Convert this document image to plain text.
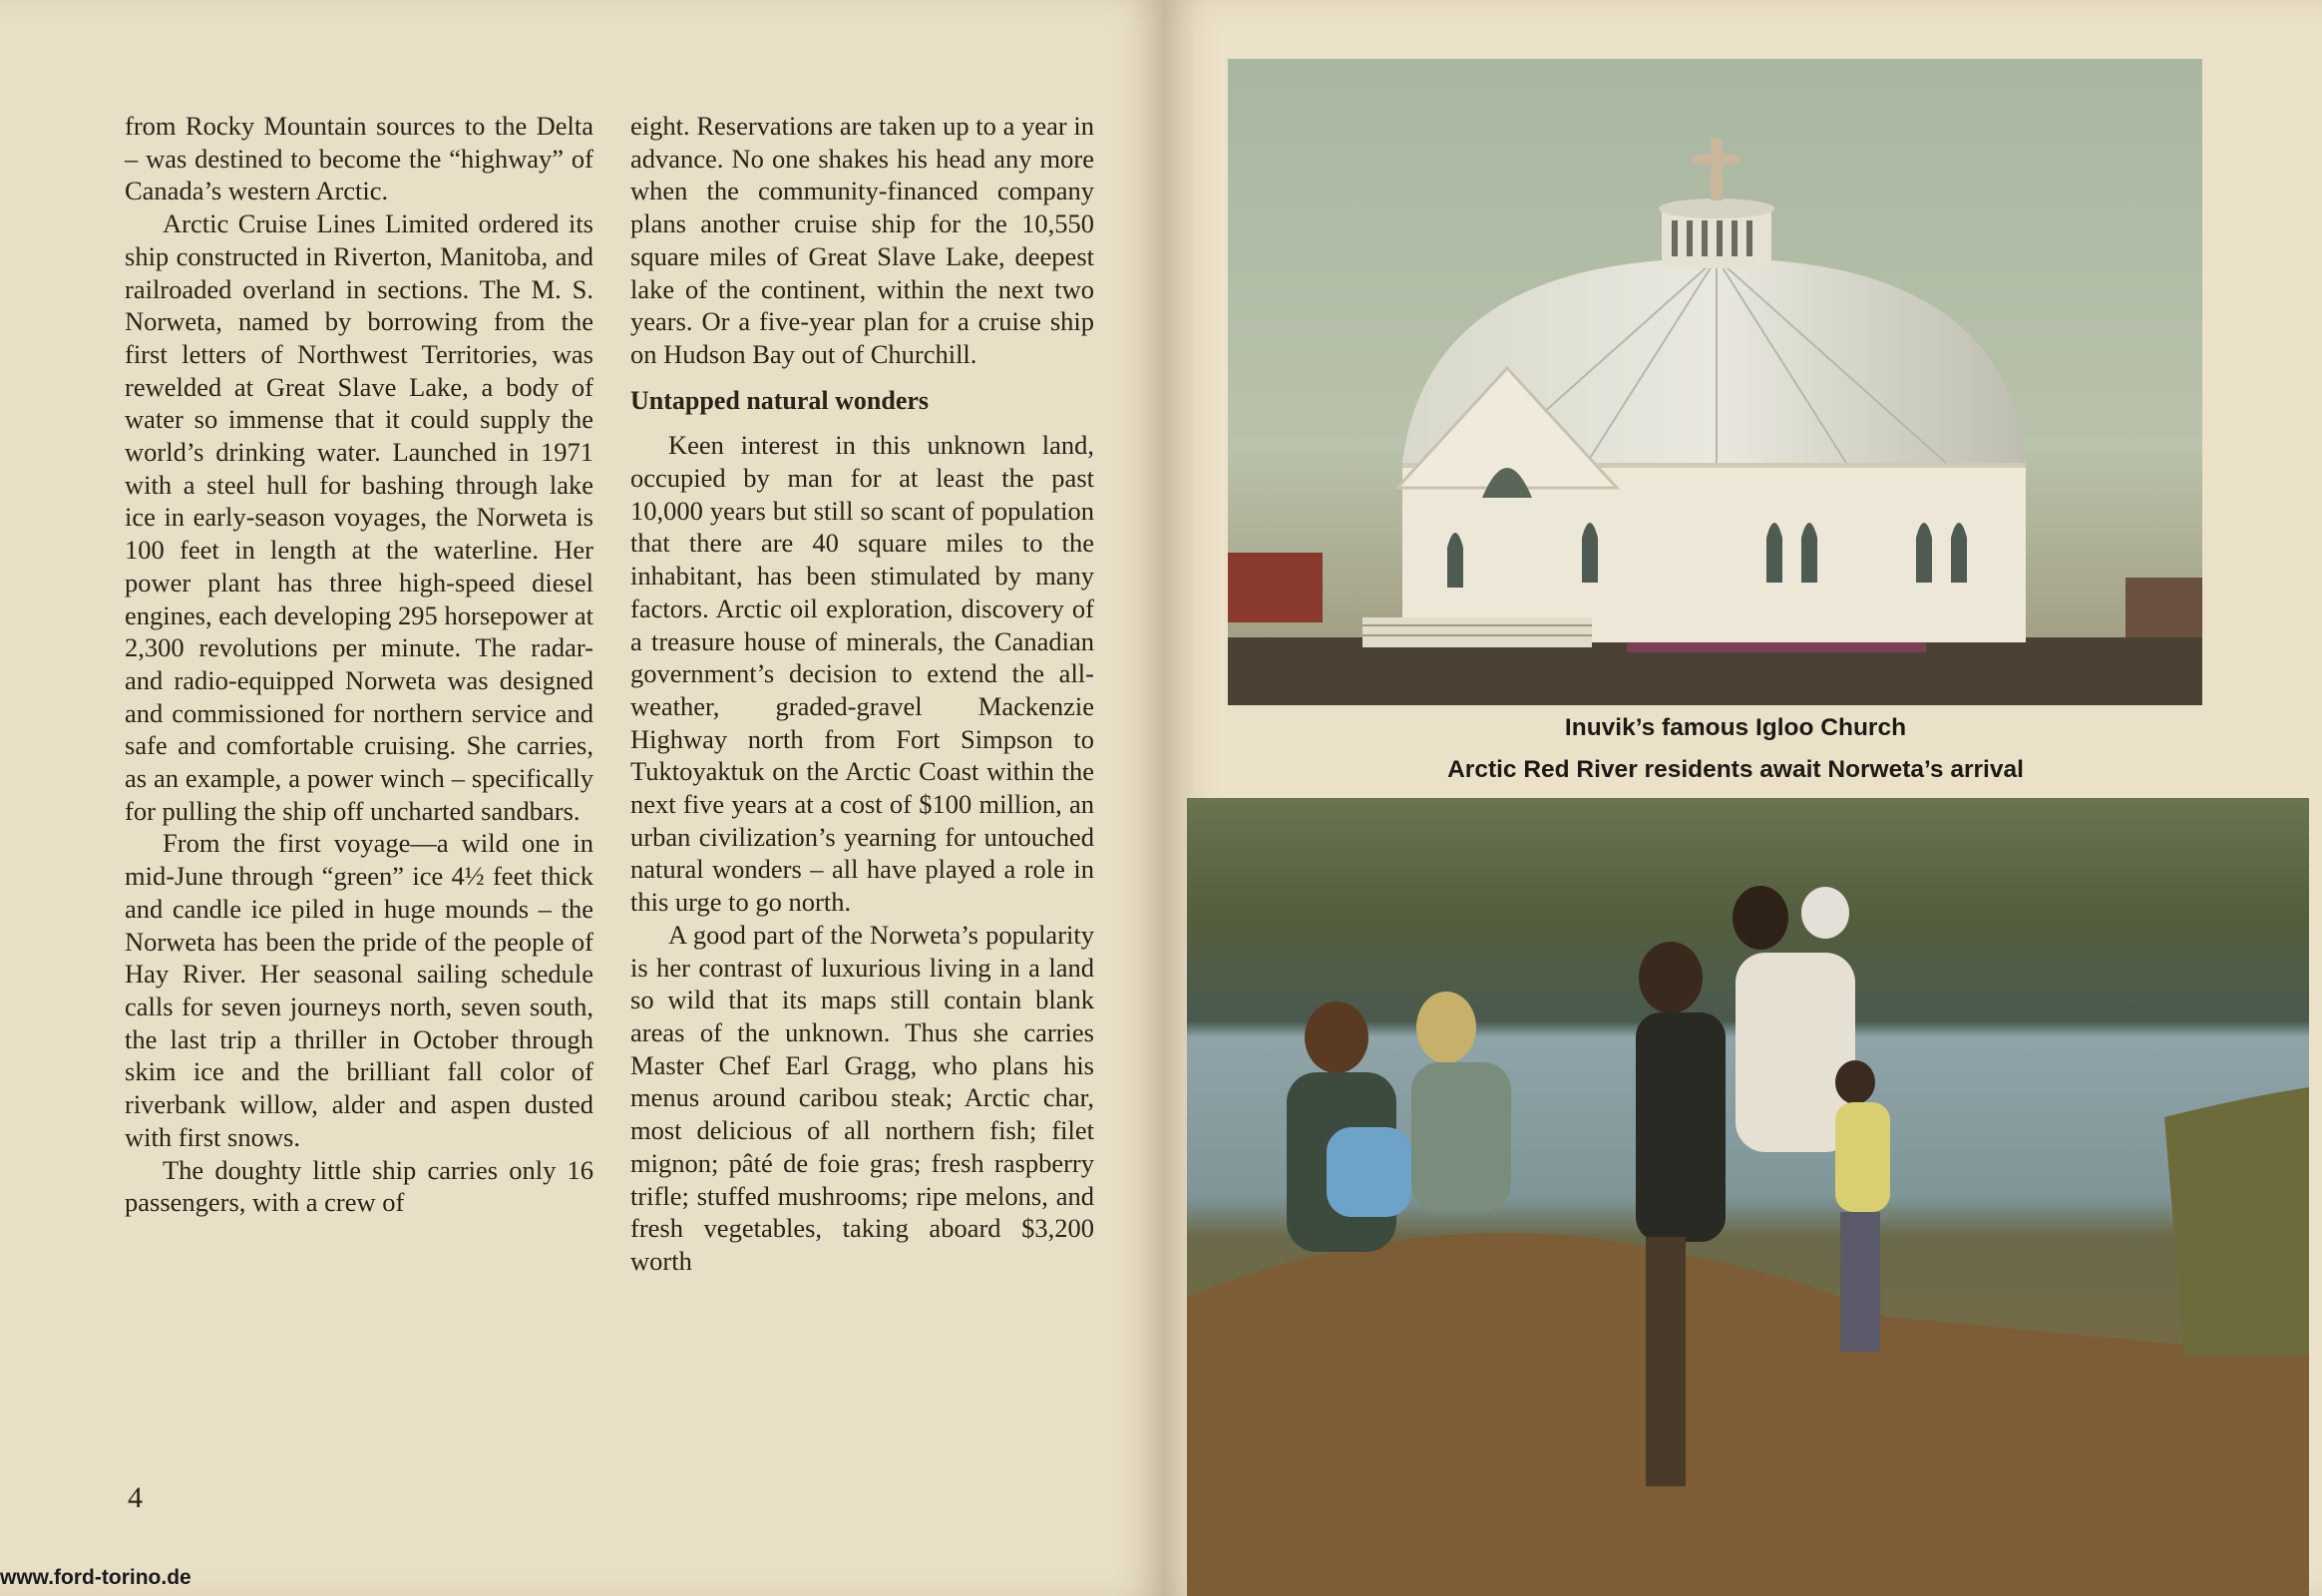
from Rocky Mountain sources to the Delta – was destined to become the “highway” of Canada’s western Arctic.

Arctic Cruise Lines Limited ordered its ship constructed in Riverton, Manitoba, and railroaded overland in sections. The M. S. Norweta, named by borrowing from the first letters of Northwest Territories, was rewelded at Great Slave Lake, a body of water so immense that it could supply the world’s drinking water. Launched in 1971 with a steel hull for bashing through lake ice in early-season voyages, the Norweta is 100 feet in length at the waterline. Her power plant has three high-speed diesel engines, each developing 295 horsepower at 2,300 revolutions per minute. The radar- and radio-equipped Norweta was designed and commissioned for northern service and safe and comfortable cruising. She carries, as an example, a power winch – specifically for pulling the ship off uncharted sandbars.

From the first voyage—a wild one in mid-June through “green” ice 4½ feet thick and candle ice piled in huge mounds – the Norweta has been the pride of the people of Hay River. Her seasonal sailing schedule calls for seven journeys north, seven south, the last trip a thriller in October through skim ice and the brilliant fall color of riverbank willow, alder and aspen dusted with first snows.

The doughty little ship carries only 16 passengers, with a crew of

eight. Reservations are taken up to a year in advance. No one shakes his head any more when the community-financed company plans another cruise ship for the 10,550 square miles of Great Slave Lake, deepest lake of the continent, within the next two years. Or a five-year plan for a cruise ship on Hudson Bay out of Churchill.

Untapped natural wonders

Keen interest in this unknown land, occupied by man for at least the past 10,000 years but still so scant of population that there are 40 square miles to the inhabitant, has been stimulated by many factors. Arctic oil exploration, discovery of a treasure house of minerals, the Canadian government’s decision to extend the all-weather, graded-gravel Mackenzie Highway north from Fort Simpson to Tuktoyaktuk on the Arctic Coast within the next five years at a cost of $100 million, an urban civilization’s yearning for untouched natural wonders – all have played a role in this urge to go north.

A good part of the Norweta’s popularity is her contrast of luxurious living in a land so wild that its maps still contain blank areas of the unknown. Thus she carries Master Chef Earl Gragg, who plans his menus around caribou steak; Arctic char, most delicious of all northern fish; filet mignon; pâté de foie gras; fresh raspberry trifle; stuffed mushrooms; ripe melons, and fresh vegetables, taking aboard $3,200 worth

4
www.ford-torino.de
Inuvik’s famous Igloo Church
Arctic Red River residents await Norweta’s arrival
